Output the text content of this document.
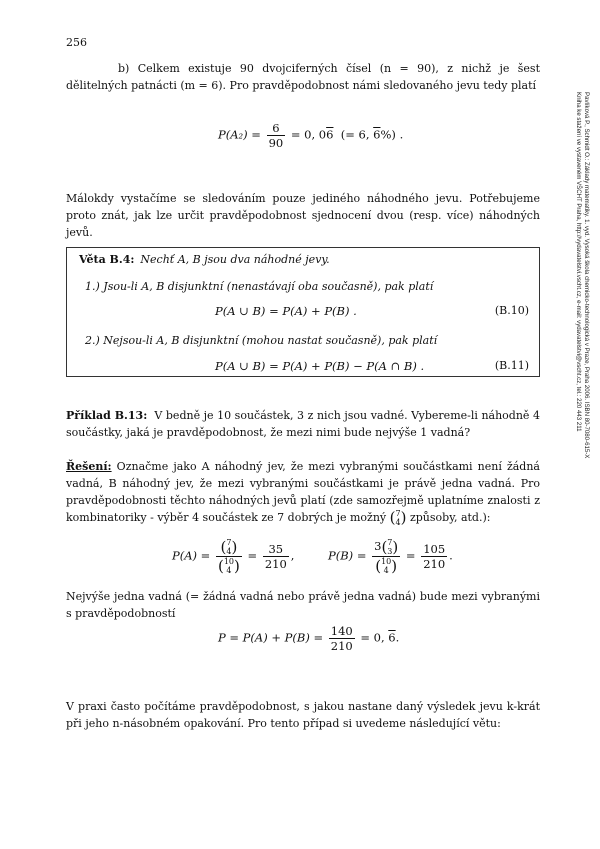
256

b) Celkem existuje 90 dvojciferných čísel (n = 90), z nichž je šest dělitelných patnácti (m = 6). Pro pravděpodobnost námi sledovaného jevu tedy platí

$P(A_2) = \frac{6}{90} = 0$, 06 (= 6, 6%) .

Málokdy vystačíme se sledováním pouze jediného náhodného jevu. Potřebujeme proto znát, jak lze určit pravděpodobnost sjednocení dvou (resp. více) náhodných jevů.

Věta B.4: Nechť A, B jsou dva náhodné jevy.
1.) Jsou-li A, B disjunktní (nenastávají oba současně), pak platí
P(A ∪ B) = P(A) + P(B) .	(B.10)
2.) Nejsou-li A, B disjunktní (mohou nastat současně), pak platí
P(A ∪ B) = P(A) + P(B) − P(A ∩ B) .	(B.11)

Příklad B.13: V bedně je 10 součástek, 3 z nich jsou vadné. Vybereme-li náhodně 4 součástky, jaká je pravděpodobnost, že mezi nimi bude nejvýše 1 vadná?

Řešení: Označme jako A náhodný jev, že mezi vybranými součástkami není žádná vadná, B náhodný jev, že mezi vybranými součástkami je právě jedna vadná. Pro pravděpodobnosti těchto náhodných jevů platí (zde samozřejmě uplatníme znalosti z kombinatoriky - výběr 4 součástek ze 7 dobrých je možný ( 7
4 ) způsoby, atd.):

P(A) = ( 7
4 )
( 10
4 ) = $\frac{35}{210}$ ,	P(B) = 3( 7
3 )
( 10
4 ) = $\frac{105}{210}$ .

Nejvýše jedna vadná (= žádná vadná nebo právě jedna vadná) bude mezi vybranými s pravděpodobností

$P = P(A) + P(B) = \frac{140}{210} = 0$, 6.

V praxi často počítáme pravděpodobnost, s jakou nastane daný výsledek jevu k-krát při jeho n-násobném opakování. Pro tento případ si uvedeme následující větu:

Pavlíková P., Schmidt O.: Základy matematiky. 1. vyd. Vysoká škola chemicko-technologická v Praze, Praha 2006. ISBN 80-7080-615-X
Kniha ke stažení ve vystaveném VŠCHT Praha, http://vydavatelstvi.vscht.cz, e-mail: vydavatelstvi@vscht.cz, tel.: 220 443 211
